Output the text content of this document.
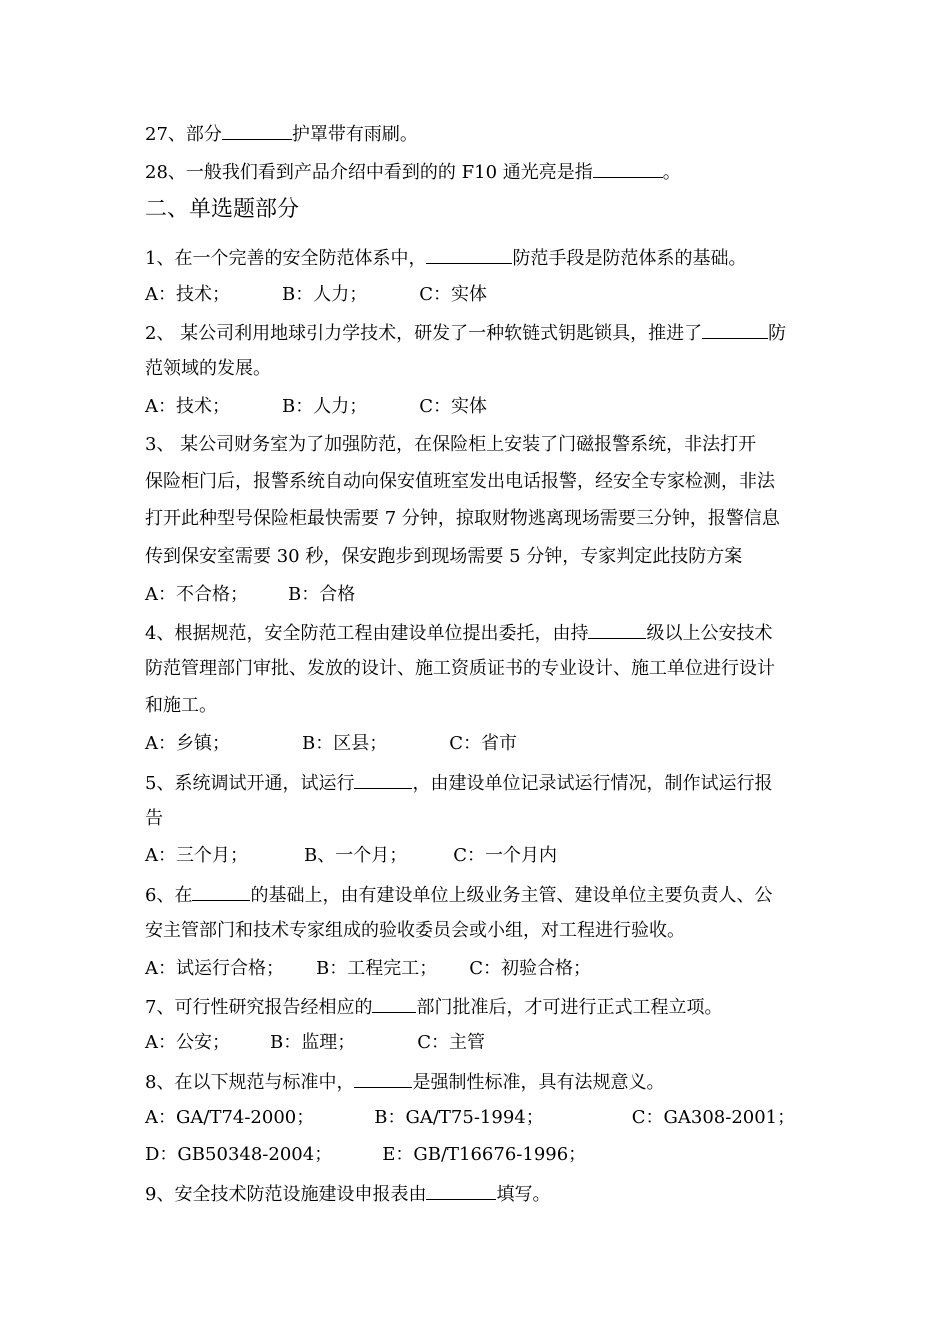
27、部分	护罩带有雨刷。
28、一般我们看到产品介绍中看到的的 F10 通光亮是指	。
二、单选题部分
1、在一个完善的安全防范体系中，	防范手段是防范体系的基础。
A：技术；	B：人力；	C：实体
2、 某公司利用地球引力学技术，研发了一种软链式钥匙锁具，推进了	防
范领域的发展。
A：技术；	B：人力；	C：实体
3、 某公司财务室为了加强防范，在保险柜上安装了门磁报警系统，非法打开
保险柜门后，报警系统自动向保安值班室发出电话报警，经安全专家检测，非法
打开此种型号保险柜最快需要 7 分钟，掠取财物逃离现场需要三分钟，报警信息
传到保安室需要 30 秒，保安跑步到现场需要 5 分钟，专家判定此技防方案
A：不合格； B：合格
4、根据规范，安全防范工程由建设单位提出委托，由持	级以上公安技术
防范管理部门审批、发放的设计、施工资质证书的专业设计、施工单位进行设计
和施工。
A：乡镇；	B：区县；	C：省市
5、系统调试开通，试运行	，由建设单位记录试运行情况，制作试运行报
告
A：三个月；	B、一个月；	C：一个月内
6、在	的基础上，由有建设单位上级业务主管、建设单位主要负责人、公
安主管部门和技术专家组成的验收委员会或小组，对工程进行验收。
A：试运行合格； B：工程完工； C：初验合格；
7、可行性研究报告经相应的 部门批准后，才可进行正式工程立项。
A：公安； B：监理；	C：主管
8、在以下规范与标准中，	是强制性标准，具有法规意义。
A：GA/T74-2000；	B：GA/T75-1994；	C：GA308-2001；
D：GB50348-2004；	E：GB/T16676-1996；
9、安全技术防范设施建设申报表由	填写。
